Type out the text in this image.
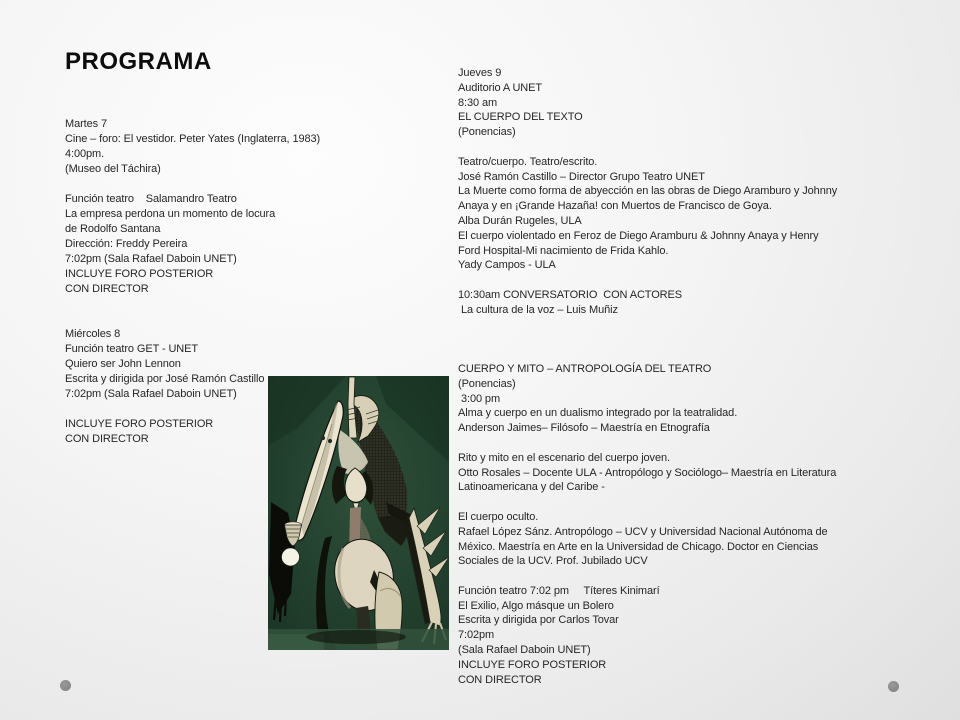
PROGRAMA
Martes 7
Cine – foro: El vestidor. Peter Yates (Inglaterra, 1983)
4:00pm.
(Museo del Táchira)
Función teatro    Salamandro Teatro
La empresa perdona un momento de locura
de Rodolfo Santana
Dirección: Freddy Pereira
7:02pm (Sala Rafael Daboin UNET)
INCLUYE FORO POSTERIOR
CON DIRECTOR
Miércoles 8
Función teatro GET - UNET
Quiero ser John Lennon
Escrita y dirigida por José Ramón Castillo
7:02pm (Sala Rafael Daboin UNET)
INCLUYE FORO POSTERIOR
CON DIRECTOR
Jueves 9
Auditorio A UNET
8:30 am
EL CUERPO DEL TEXTO
(Ponencias)
Teatro/cuerpo. Teatro/escrito.
José Ramón Castillo – Director Grupo Teatro UNET
La Muerte como forma de abyección en las obras de Diego Aramburo y Johnny
Anaya y en ¡Grande Hazaña! con Muertos de Francisco de Goya.
Alba Durán Rugeles, ULA
El cuerpo violentado en Feroz de Diego Aramburu & Johnny Anaya y Henry
Ford Hospital-Mi nacimiento de Frida Kahlo.
Yady Campos - ULA
10:30am CONVERSATORIO  CON ACTORES
La cultura de la voz – Luis Muñiz
CUERPO Y MITO – ANTROPOLOGÍA DEL TEATRO
(Ponencias)
3:00 pm
Alma y cuerpo en un dualismo integrado por la teatralidad.
Anderson Jaimes– Filósofo – Maestría en Etnografía
Rito y mito en el escenario del cuerpo joven.
Otto Rosales – Docente ULA - Antropólogo y Sociólogo– Maestría en Literatura
Latinoamericana y del Caribe -
El cuerpo oculto.
Rafael López Sánz. Antropólogo – UCV y Universidad Nacional Autónoma de
México. Maestría en Arte en la Universidad de Chicago. Doctor en Ciencias
Sociales de la UCV. Prof. Jubilado UCV
Función teatro 7:02 pm     Títeres Kinimarí
El Exilio, Algo másque un Bolero
Escrita y dirigida por Carlos Tovar
7:02pm
(Sala Rafael Daboin UNET)
INCLUYE FORO POSTERIOR
CON DIRECTOR
